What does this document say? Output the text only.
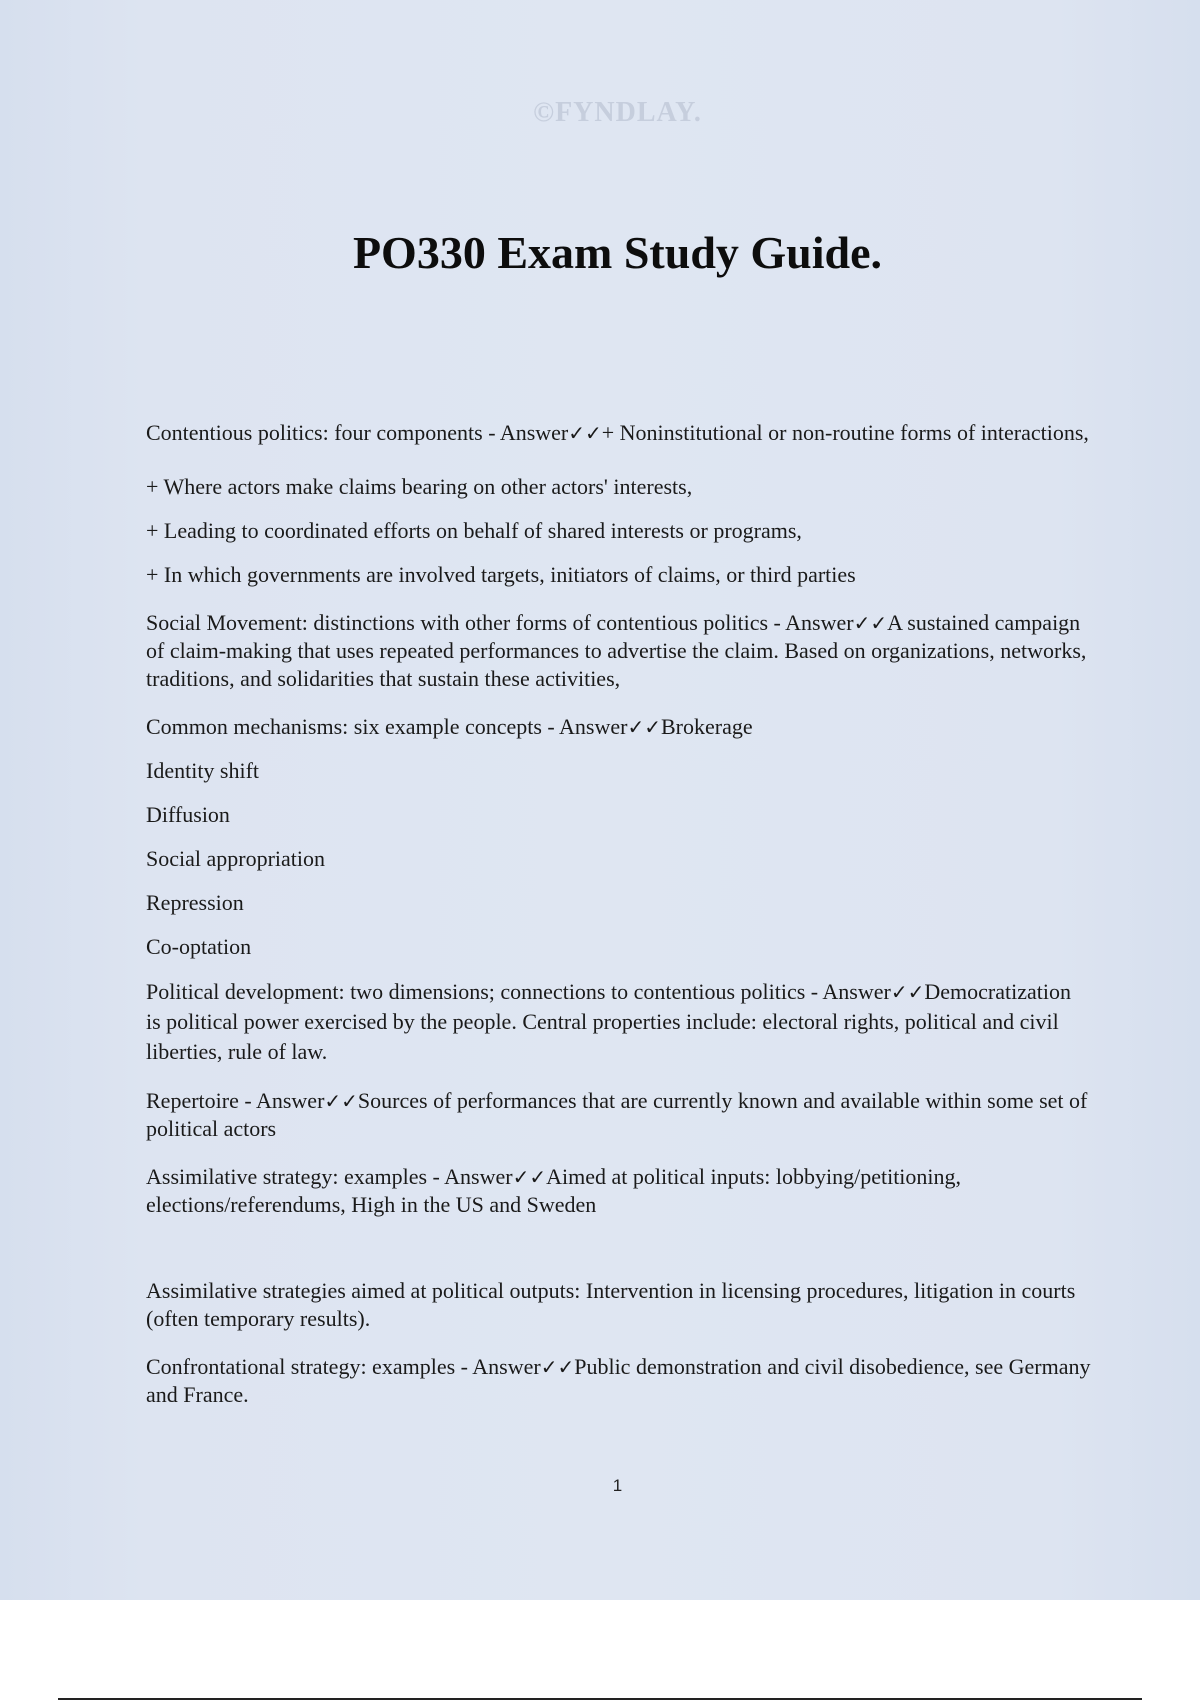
©FYNDLAY.
PO330 Exam Study Guide.

Contentious politics: four components - Answer✓✓+ Noninstitutional or non-routine forms of interactions,

+ Where actors make claims bearing on other actors' interests,

+ Leading to coordinated efforts on behalf of shared interests or programs,

+ In which governments are involved targets, initiators of claims, or third parties

Social Movement: distinctions with other forms of contentious politics - Answer✓✓A sustained campaign of claim-making that uses repeated performances to advertise the claim. Based on organizations, networks, traditions, and solidarities that sustain these activities,

Common mechanisms: six example concepts - Answer✓✓Brokerage

Identity shift

Diffusion

Social appropriation

Repression

Co-optation

Political development: two dimensions; connections to contentious politics - Answer✓✓Democratization is political power exercised by the people. Central properties include: electoral rights, political and civil liberties, rule of law.

Repertoire - Answer✓✓Sources of performances that are currently known and available within some set of political actors

Assimilative strategy: examples - Answer✓✓Aimed at political inputs: lobbying/petitioning, elections/referendums, High in the US and Sweden

Assimilative strategies aimed at political outputs: Intervention in licensing procedures, litigation in courts (often temporary results).

Confrontational strategy: examples - Answer✓✓Public demonstration and civil disobedience, see Germany and France.

1
